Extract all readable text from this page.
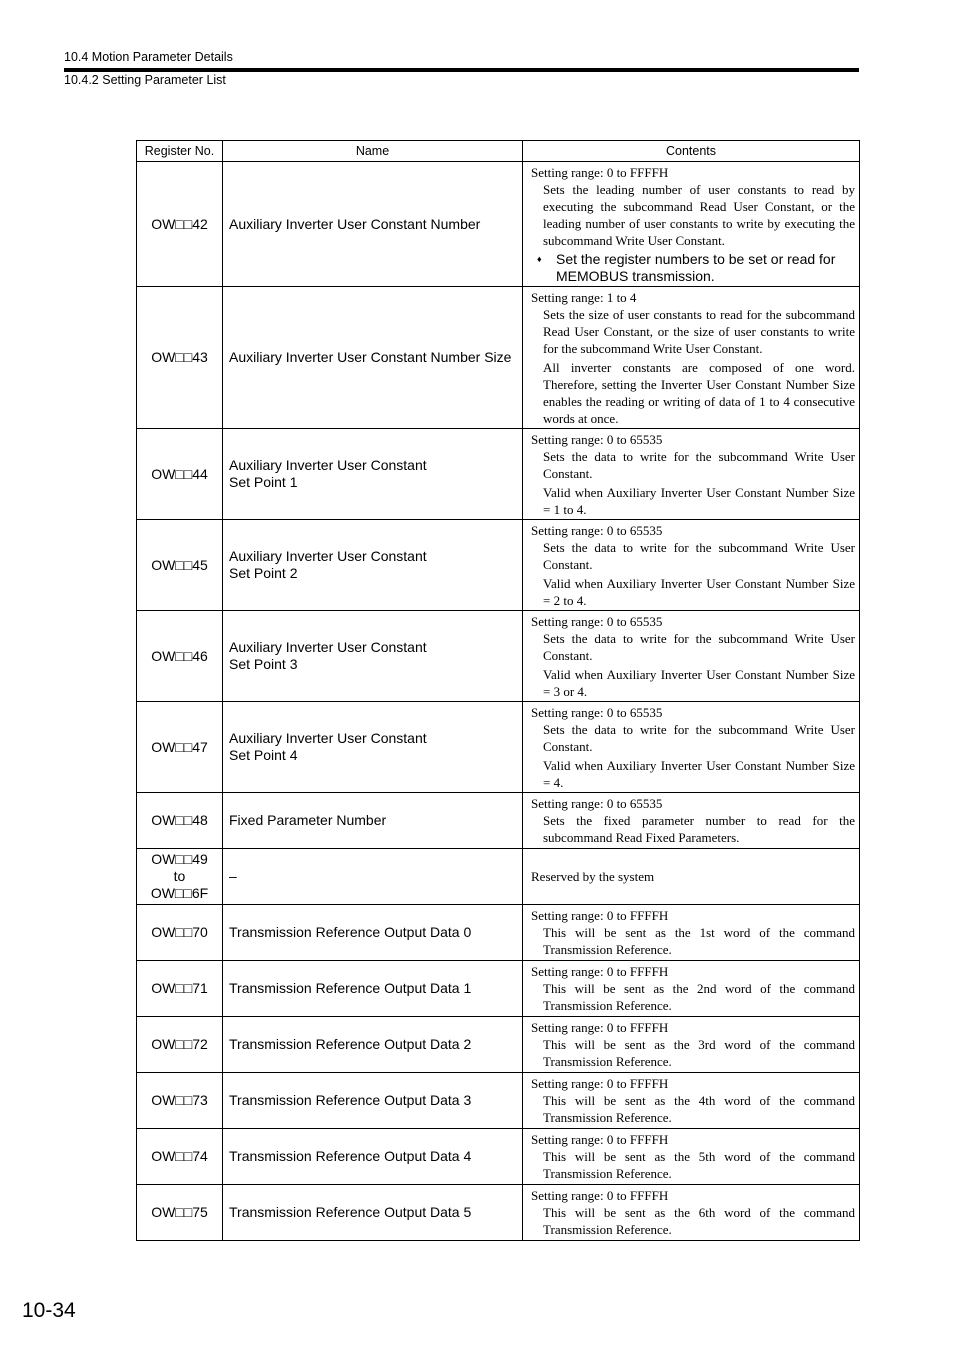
10.4 Motion Parameter Details
10.4.2 Setting Parameter List
Register No.	Name	Contents
OW□□42	Auxiliary Inverter User Constant Number	Setting range: 0 to FFFFH
Sets the leading number of user constants to read by executing the subcommand Read User Constant, or the leading number of user constants to write by executing the subcommand Write User Constant.
♦ Set the register numbers to be set or read for MEMOBUS transmission.

OW□□43	Auxiliary Inverter User Constant Number Size	Setting range: 1 to 4
Sets the size of user constants to read for the subcommand Read User Constant, or the size of user constants to write for the subcommand Write User Constant.
All inverter constants are composed of one word. Therefore, setting the Inverter User Constant Number Size enables the reading or writing of data of 1 to 4 consecutive words at once.

OW□□44	Auxiliary Inverter User Constant
Set Point 1	Setting range: 0 to 65535
Sets the data to write for the subcommand Write User Constant.
Valid when Auxiliary Inverter User Constant Number Size = 1 to 4.

OW□□45	Auxiliary Inverter User Constant
Set Point 2	Setting range: 0 to 65535
Sets the data to write for the subcommand Write User Constant.
Valid when Auxiliary Inverter User Constant Number Size = 2 to 4.

OW□□46	Auxiliary Inverter User Constant
Set Point 3	Setting range: 0 to 65535
Sets the data to write for the subcommand Write User Constant.
Valid when Auxiliary Inverter User Constant Number Size = 3 or 4.

OW□□47	Auxiliary Inverter User Constant
Set Point 4	Setting range: 0 to 65535
Sets the data to write for the subcommand Write User Constant.
Valid when Auxiliary Inverter User Constant Number Size = 4.

OW□□48	Fixed Parameter Number	Setting range: 0 to 65535
Sets the fixed parameter number to read for the subcommand Read Fixed Parameters.

OW□□49
to
OW□□6F	–	Reserved by the system

OW□□70	Transmission Reference Output Data 0	Setting range: 0 to FFFFH
This will be sent as the 1st word of the command Transmission Reference.

OW□□71	Transmission Reference Output Data 1	Setting range: 0 to FFFFH
This will be sent as the 2nd word of the command Transmission Reference.

OW□□72	Transmission Reference Output Data 2	Setting range: 0 to FFFFH
This will be sent as the 3rd word of the command Transmission Reference.

OW□□73	Transmission Reference Output Data 3	Setting range: 0 to FFFFH
This will be sent as the 4th word of the command Transmission Reference.

OW□□74	Transmission Reference Output Data 4	Setting range: 0 to FFFFH
This will be sent as the 5th word of the command Transmission Reference.

OW□□75	Transmission Reference Output Data 5	Setting range: 0 to FFFFH
This will be sent as the 6th word of the command Transmission Reference.
10-34
